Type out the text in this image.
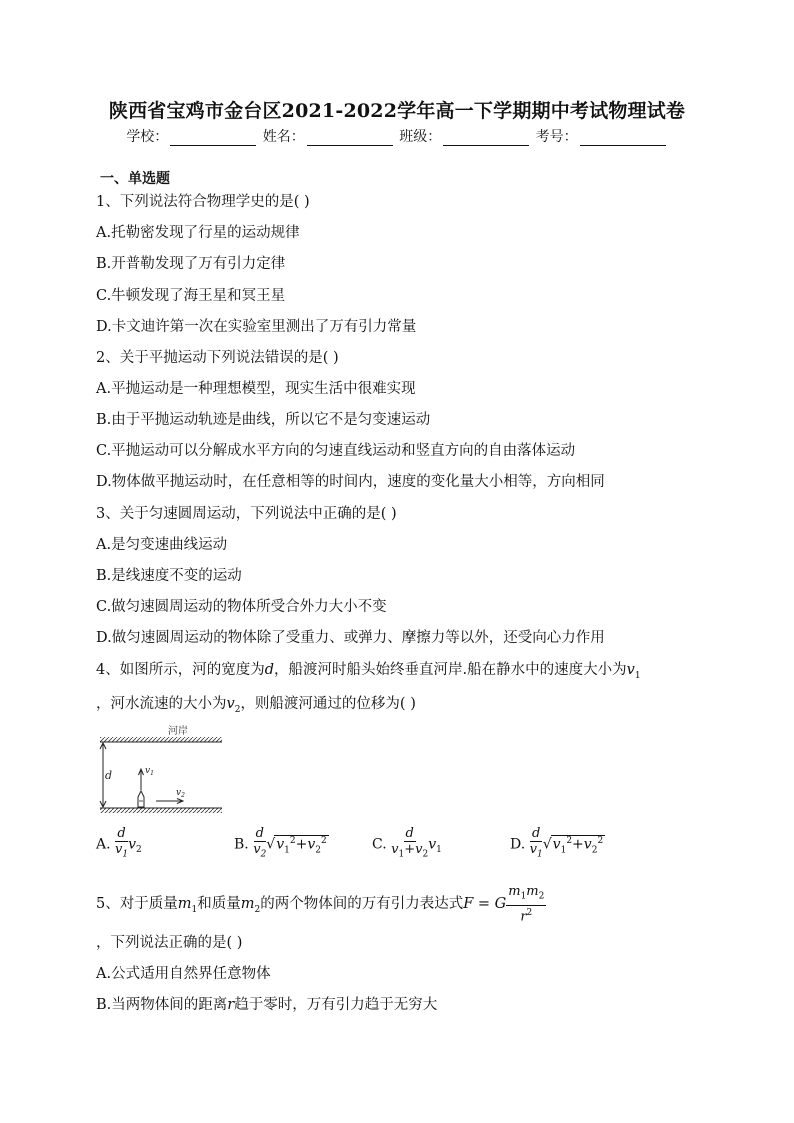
陕西省宝鸡市金台区2021-2022学年高一下学期期中考试物理试卷
学校：	姓名：	班级：	考号：
一、单选题
1、下列说法符合物理学史的是( )
A.托勒密发现了行星的运动规律
B.开普勒发现了万有引力定律
C.牛顿发现了海王星和冥王星
D.卡文迪许第一次在实验室里测出了万有引力常量
2、关于平抛运动下列说法错误的是( )
A.平抛运动是一种理想模型，现实生活中很难实现
B.由于平抛运动轨迹是曲线，所以它不是匀变速运动
C.平抛运动可以分解成水平方向的匀速直线运动和竖直方向的自由落体运动
D.物体做平抛运动时，在任意相等的时间内，速度的变化量大小相等，方向相同
3、关于匀速圆周运动，下列说法中正确的是( )
A.是匀变速曲线运动
B.是线速度不变的运动
C.做匀速圆周运动的物体所受合外力大小不变
D.做匀速圆周运动的物体除了受重力、或弹力、摩擦力等以外，还受向心力作用
4、如图所示，河的宽度为d，船渡河时船头始终垂直河岸.船在静水中的速度大小为$v_1$
，河水流速的大小为$v_2$，则船渡河通过的位移为( )
河岸
d	$v_1$
$v_2$
A. $\frac{d}{v_1} v_2$	B. $\frac{d}{v_2} √v_1^2+v_2^2$	C. $\frac{d}{v_1+v_2} v_1$	D. $\frac{d}{v_1} √v_1^2+v_2^2$
5、对于质量$m_1$和质量$m_2$的两个物体间的万有引力表达式F = G $\frac{m_1m_2}{r^2}$
，下列说法正确的是( )
A.公式适用自然界任意物体
B.当两物体间的距离r趋于零时，万有引力趋于无穷大
